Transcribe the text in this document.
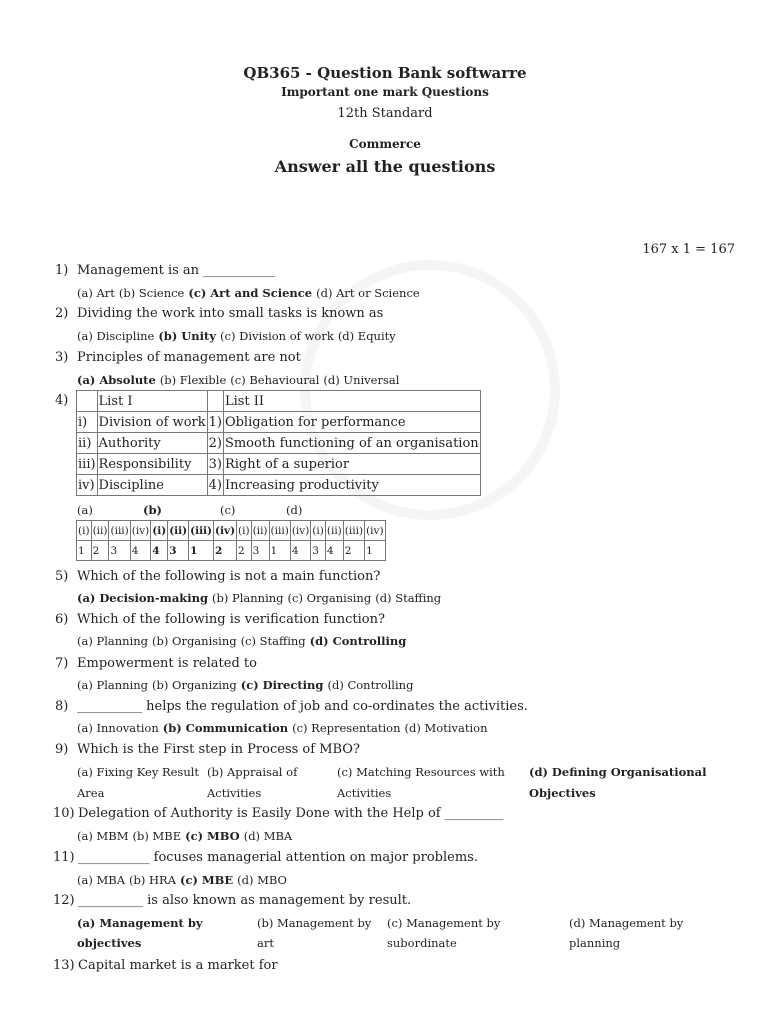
QB365 - Question Bank softwarre
Important one mark Questions
12th Standard
Commerce
Answer all the questions
167 x 1 = 167
1) Management is an ___________
(a) Art (b) Science (c) Art and Science (d) Art or Science
2) Dividing the work into small tasks is known as
(a) Discipline (b) Unity (c) Division of work (d) Equity
3) Principles of management are not
(a) Absolute (b) Flexible (c) Behavioural (d) Universal
4)
5) Which of the following is not a main function?
(a) Decision-making (b) Planning (c) Organising (d) Staffing
6) Which of the following is verification function?
(a) Planning (b) Organising (c) Staffing (d) Controlling
7) Empowerment is related to
(a) Planning (b) Organizing (c) Directing (d) Controlling
8) __________ helps the regulation of job and co-ordinates the activities.
(a) Innovation (b) Communication (c) Representation (d) Motivation
9) Which is the First step in Process of MBO?
10) Delegation of Authority is Easily Done with the Help of _________
(a) MBM (b) MBE (c) MBO (d) MBA
11) ___________ focuses managerial attention on major problems.
(a) MBA (b) HRA (c) MBE (d) MBO
12) __________ is also known as management by result.
13) Capital market is a market for
	List I		List II
i)	Division of work	1)	Obligation for performance
ii)	Authority	2)	Smooth functioning of an organisation
iii)	Responsibility	3)	Right of a superior
iv)	Discipline	4)	Increasing productivity
(a)	(b)	(c)	(d)
(i)	(ii)	(iii)	(iv)	(i)	(ii)	(iii)	(iv)	(i)	(ii)	(iii)	(iv)	(i)	(ii)	(iii)	(iv)
1	2	3	4	4	3	1	2	2	3	1	4	3	4	2	1
(a) Fixing Key Result
Area
(b) Appraisal of
Activities
(c) Matching Resources with
Activities
(d) Defining Organisational
Objectives
(a) Management by
objectives
(b) Management by
art
(c) Management by
subordinate
(d) Management by
planning
